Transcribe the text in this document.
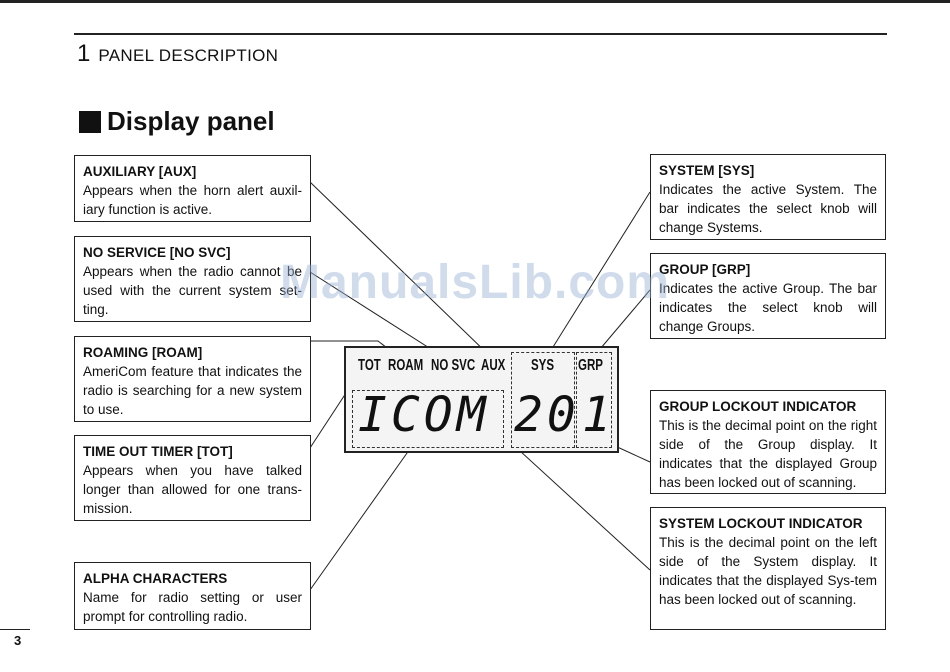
1 PANEL DESCRIPTION
Display panel
AUXILIARY [AUX]
Appears when the horn alert auxil-iary function is active.
NO SERVICE [NO SVC]
Appears when the radio cannot be used with the current system set-ting.
ROAMING [ROAM]
AmeriCom feature that indicates the radio is searching for a new system to use.
TIME OUT TIMER [TOT]
Appears when you have talked longer than allowed for one trans-mission.
ALPHA CHARACTERS
Name for radio setting or user prompt for controlling radio.
SYSTEM [SYS]
Indicates the active System. The bar indicates the select knob will change Systems.
GROUP [GRP]
Indicates the active Group. The bar indicates the select knob will change Groups.
GROUP LOCKOUT INDICATOR
This is the decimal point on the right side of the Group display. It indicates that the displayed Group has been locked out of scanning.
SYSTEM LOCKOUT INDICATOR
This is the decimal point on the left side of the System display. It indicates that the displayed Sys-tem has been locked out of scanning.
TOT ROAM NO SVC AUX SYS GRP
ICOM 20 1
ManualsLib.com
3
